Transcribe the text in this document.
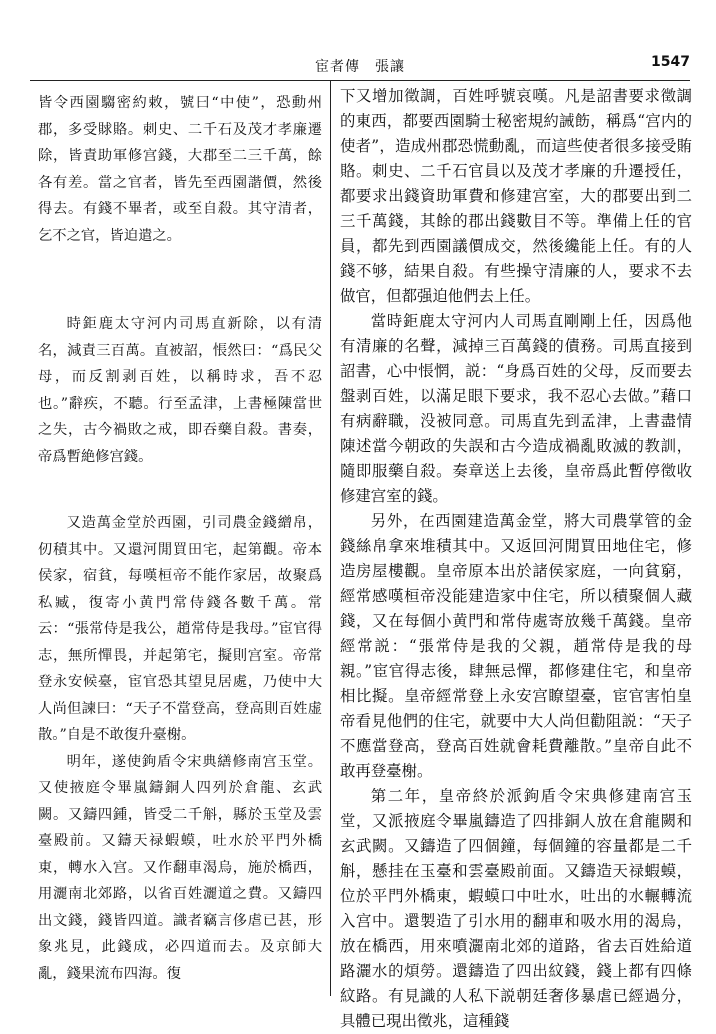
宦者傳　張讓	1547

皆令西園騶密約敕，號曰“中使”，恐動州郡，多受賕賂。刺史、二千石及茂才孝廉遷除，皆責助軍修宫錢，大郡至二三千萬，餘各有差。當之官者，皆先至西園諧價，然後得去。有錢不畢者，或至自殺。其守清者，乞不之官，皆迫遣之。

時鉅鹿太守河内司馬直新除，以有清名，減責三百萬。直被詔，悵然曰：“爲民父母，而反割剥百姓，以稱時求，吾不忍也。”辭疾，不聽。行至孟津，上書極陳當世之失，古今禍敗之戒，即吞藥自殺。書奏，帝爲暫絶修宫錢。

又造萬金堂於西園，引司農金錢繒帛，仞積其中。又還河閒買田宅，起第觀。帝本侯家，宿貧，每嘆桓帝不能作家居，故聚爲私臧，復寄小黄門常侍錢各數千萬。常云：“張常侍是我公，趙常侍是我母。”宦官得志，無所憚畏，并起第宅，擬則宫室。帝常登永安候臺，宦官恐其望見居處，乃使中大人尚但諫曰：“天子不當登高，登高則百姓虚散。”自是不敢復升臺榭。

明年，遂使鉤盾令宋典繕修南宫玉堂。又使掖庭令畢嵐鑄銅人四列於倉龍、玄武闕。又鑄四鍾，皆受二千斛，縣於玉堂及雲臺殿前。又鑄天禄蝦蟆，吐水於平門外橋東，轉水入宫。又作翻車渴烏，施於橋西，用灑南北郊路，以省百姓灑道之費。又鑄四出文錢，錢皆四道。識者竊言侈虐已甚，形象兆見，此錢成，必四道而去。及京師大亂，錢果流布四海。復

下又增加徵調，百姓呼號哀嘆。凡是詔書要求徵調的東西，都要西園騎士秘密規約誡飭，稱爲“宫内的使者”，造成州郡恐慌動亂，而這些使者很多接受賄賂。刺史、二千石官員以及茂才孝廉的升遷授任，都要求出錢資助軍費和修建宫室，大的郡要出到二三千萬錢，其餘的郡出錢數目不等。準備上任的官員，都先到西園議價成交，然後纔能上任。有的人錢不够，結果自殺。有些操守清廉的人，要求不去做官，但都强迫他們去上任。

當時鉅鹿太守河内人司馬直剛剛上任，因爲他有清廉的名聲，減掉三百萬錢的債務。司馬直接到詔書，心中悵惘，説：“身爲百姓的父母，反而要去盤剥百姓，以滿足眼下要求，我不忍心去做。”藉口有病辭職，没被同意。司馬直先到孟津，上書盡情陳述當今朝政的失誤和古今造成禍亂敗滅的教訓，隨即服藥自殺。奏章送上去後，皇帝爲此暫停徵收修建宫室的錢。

另外，在西園建造萬金堂，將大司農掌管的金錢絲帛拿來堆積其中。又返回河閒買田地住宅，修造房屋樓觀。皇帝原本出於諸侯家庭，一向貧窮，經常感嘆桓帝没能建造家中住宅，所以積聚個人藏錢，又在每個小黄門和常侍處寄放幾千萬錢。皇帝經常説：“張常侍是我的父親，趙常侍是我的母親。”宦官得志後，肆無忌憚，都修建住宅，和皇帝相比擬。皇帝經常登上永安宫瞭望臺，宦官害怕皇帝看見他們的住宅，就要中大人尚但勸阻説：“天子不應當登高，登高百姓就會耗費離散。”皇帝自此不敢再登臺榭。

第二年，皇帝終於派鉤盾令宋典修建南宫玉堂，又派掖庭令畢嵐鑄造了四排銅人放在倉龍闕和玄武闕。又鑄造了四個鐘，每個鐘的容量都是二千斛，懸挂在玉臺和雲臺殿前面。又鑄造天禄蝦蟆，位於平門外橋東，蝦蟆口中吐水，吐出的水輾轉流入宫中。還製造了引水用的翻車和吸水用的渴烏，放在橋西，用來噴灑南北郊的道路，省去百姓給道路灑水的煩勞。還鑄造了四出紋錢，錢上都有四條紋路。有見識的人私下説朝廷奢侈暴虐已經過分，具體已現出徵兆，這種錢
